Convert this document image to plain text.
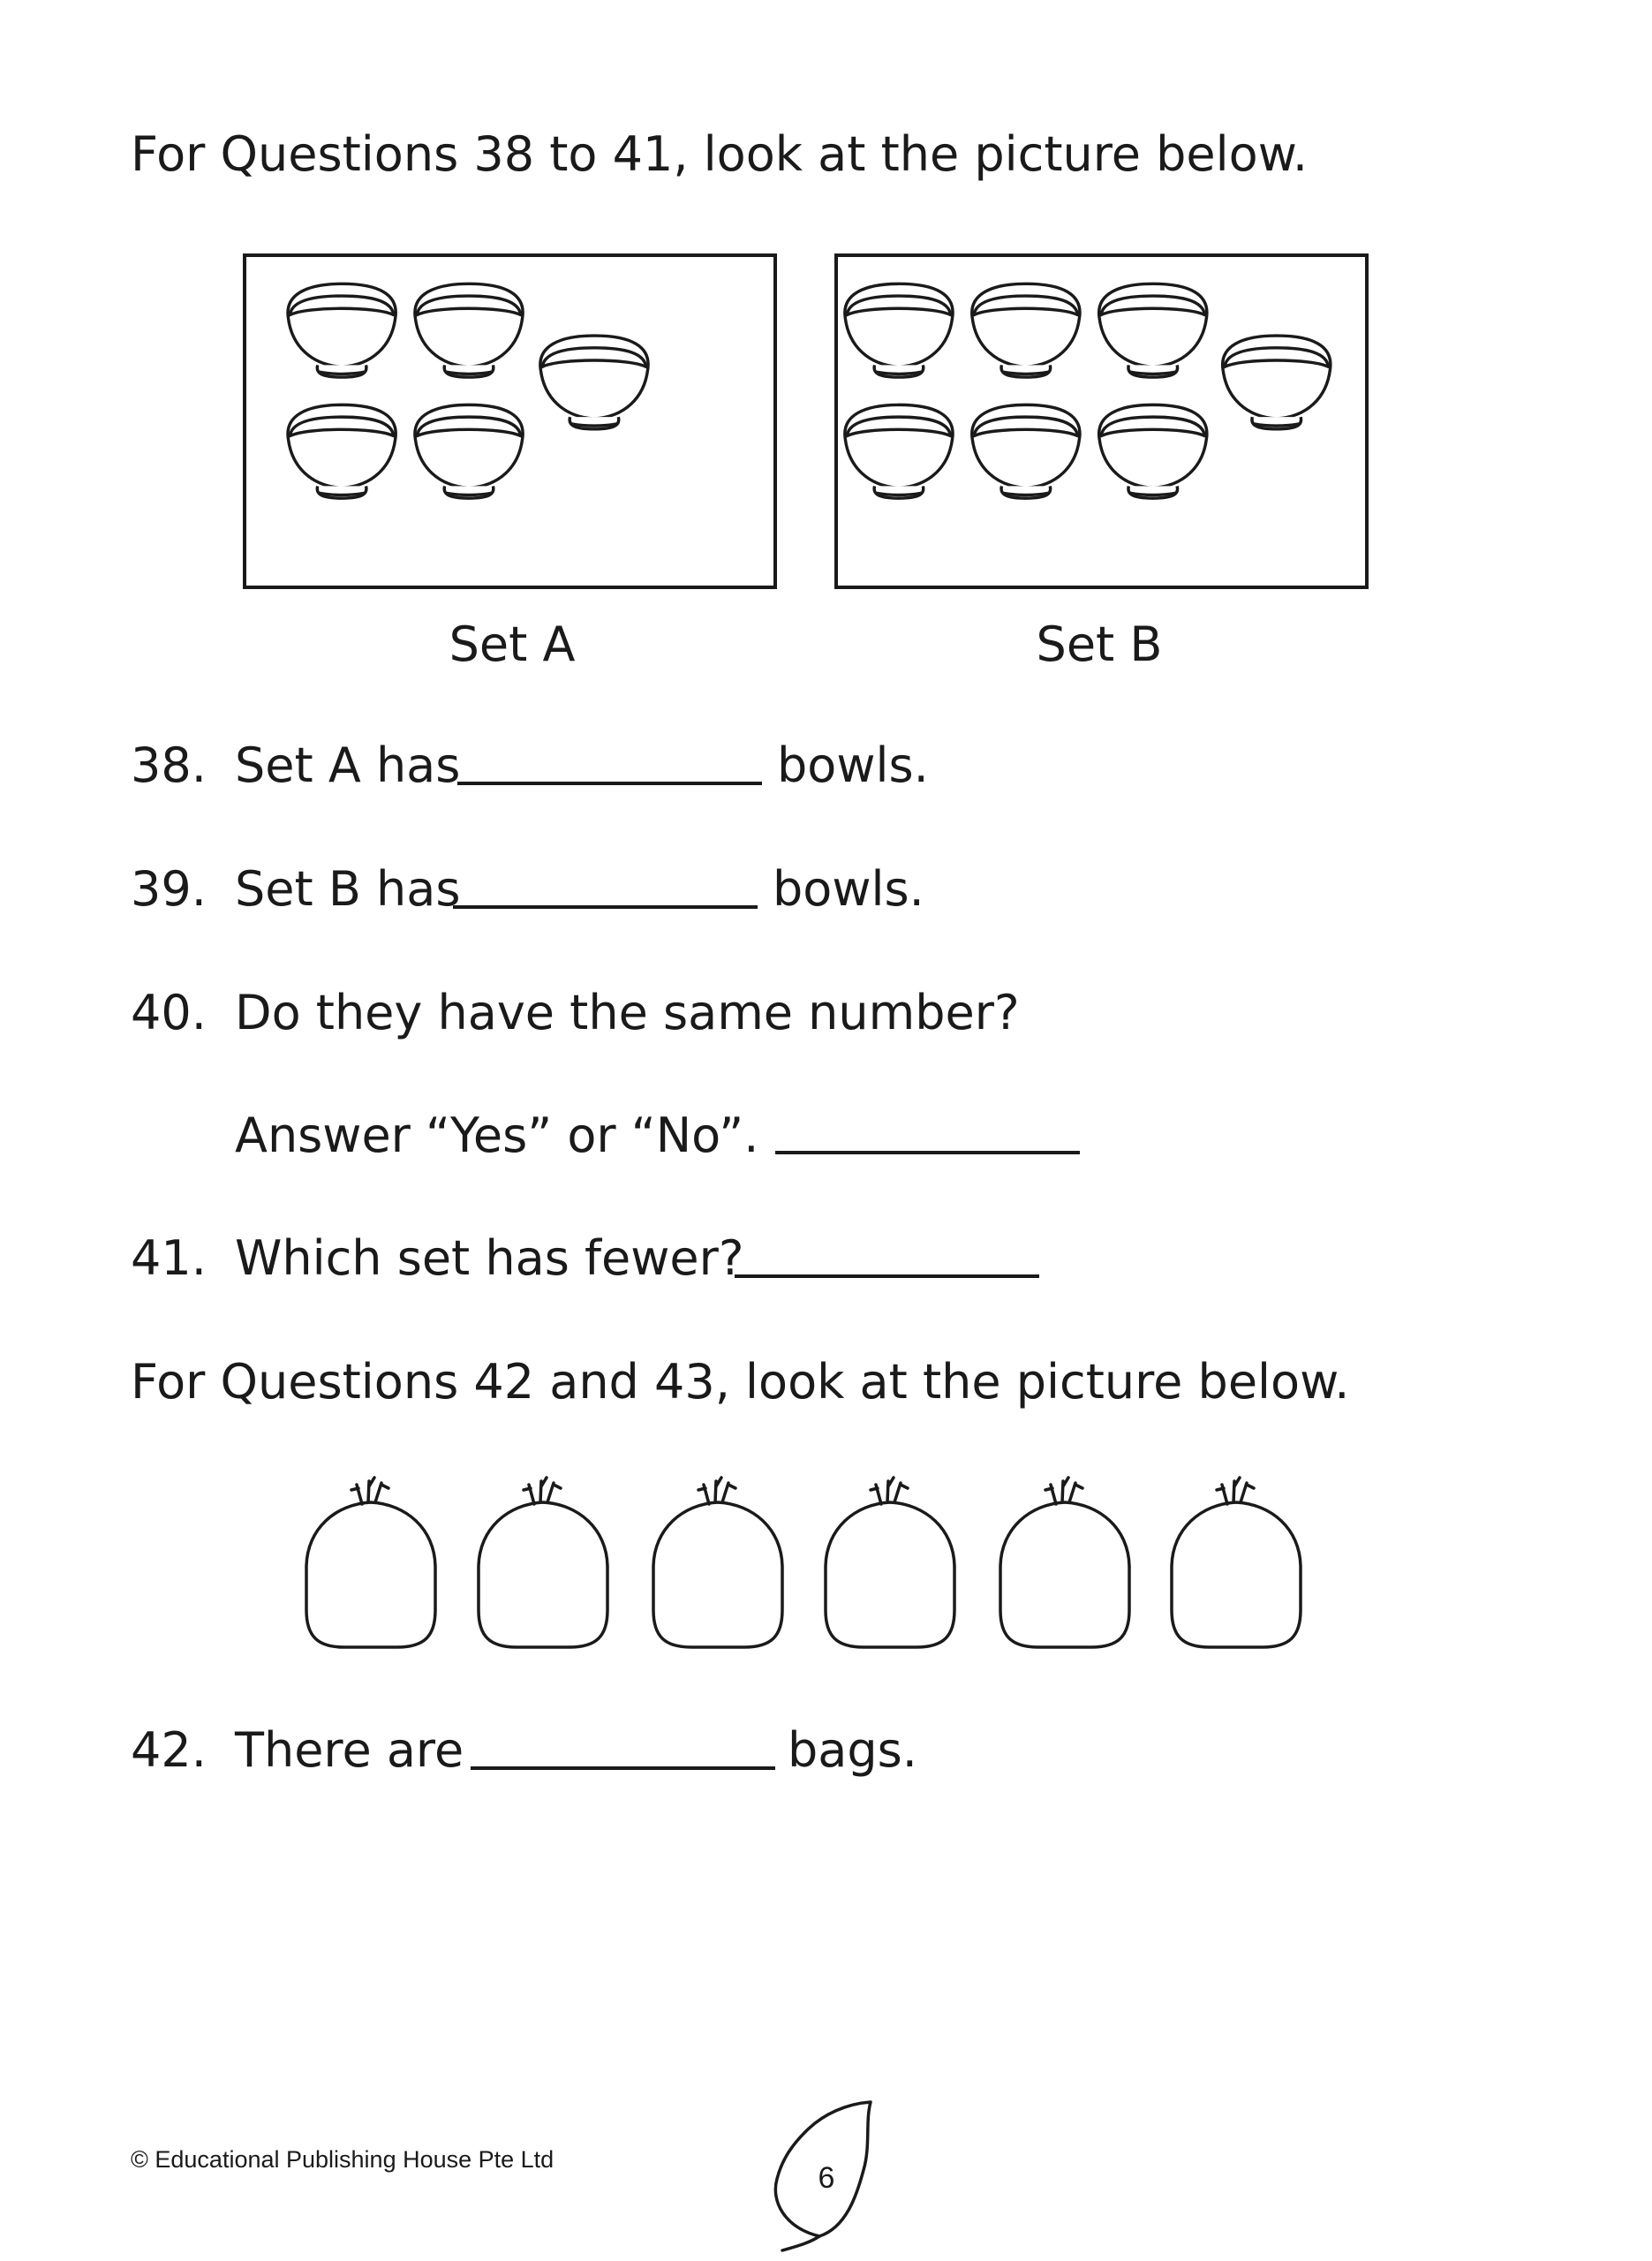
For Questions 38 to 41, look at the picture below.
Set A	Set B
38. Set A has	bowls.
39. Set B has	bowls.
40. Do they have the same number?
Answer “Yes” or “No”.
41. Which set has fewer?
For Questions 42 and 43, look at the picture below.
42. There are	bags.
© Educational Publishing House Pte Ltd
6
